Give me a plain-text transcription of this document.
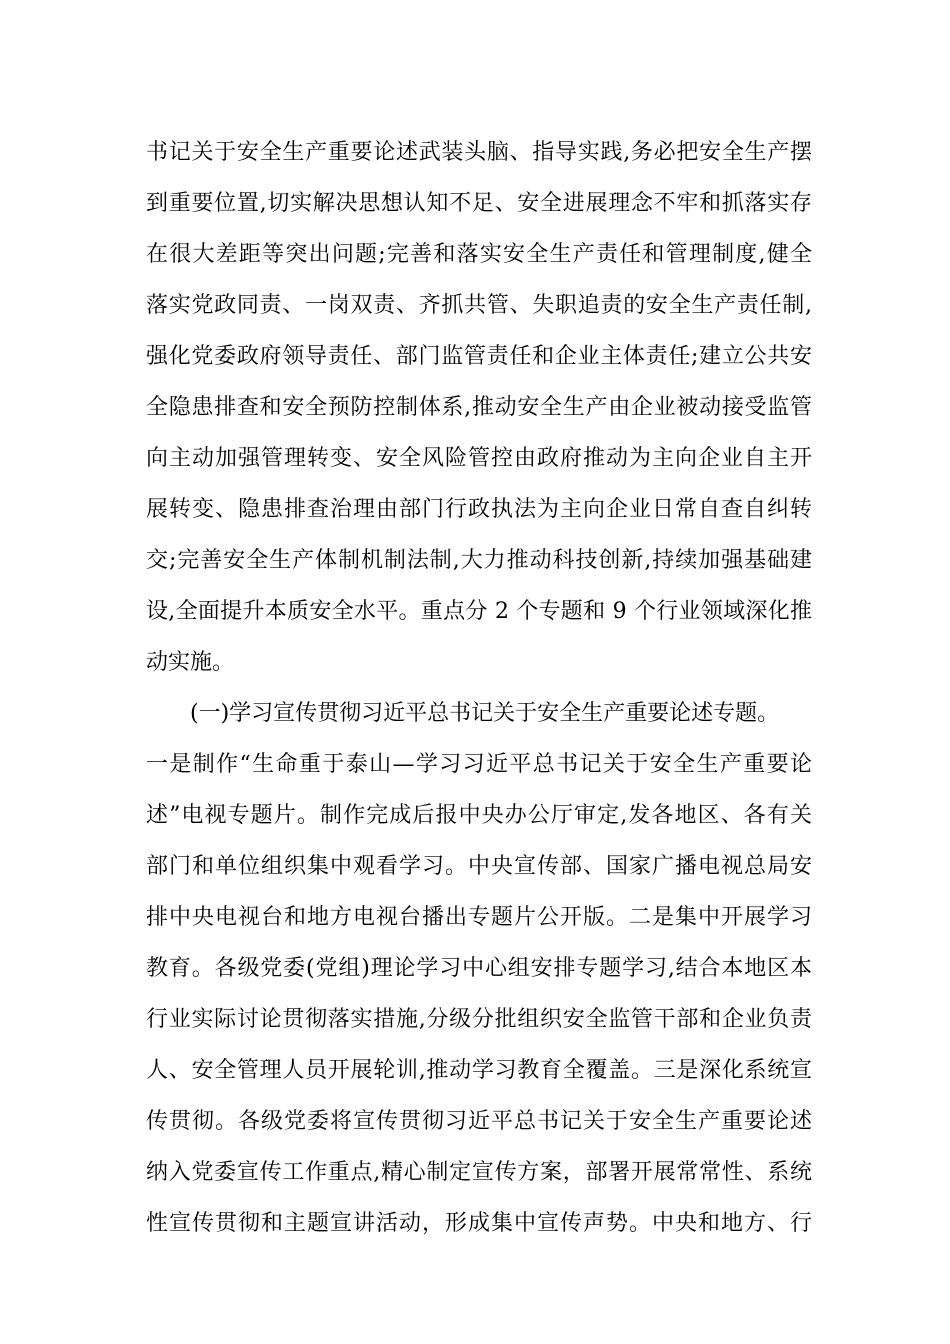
书记关于安全生产重要论述武装头脑、指导实践,务必把安全生产摆
到重要位置,切实解决思想认知不足、安全进展理念不牢和抓落实存
在很大差距等突出问题;完善和落实安全生产责任和管理制度,健全
落实党政同责、一岗双责、齐抓共管、失职追责的安全生产责任制,
强化党委政府领导责任、部门监管责任和企业主体责任;建立公共安
全隐患排查和安全预防控制体系,推动安全生产由企业被动接受监管
向主动加强管理转变、安全风险管控由政府推动为主向企业自主开
展转变、隐患排查治理由部门行政执法为主向企业日常自查自纠转
交;完善安全生产体制机制法制,大力推动科技创新,持续加强基础建
设,全面提升本质安全水平。重点分 2 个专题和 9 个行业领域深化推
动实施。
(一)学习宣传贯彻习近平总书记关于安全生产重要论述专题。
一是制作“生命重于泰山—学习习近平总书记关于安全生产重要论
述”电视专题片。制作完成后报中央办公厅审定,发各地区、各有关
部门和单位组织集中观看学习。中央宣传部、国家广播电视总局安
排中央电视台和地方电视台播出专题片公开版。二是集中开展学习
教育。各级党委(党组)理论学习中心组安排专题学习,结合本地区本
行业实际讨论贯彻落实措施,分级分批组织安全监管干部和企业负责
人、安全管理人员开展轮训,推动学习教育全覆盖。三是深化系统宣
传贯彻。各级党委将宣传贯彻习近平总书记关于安全生产重要论述
纳入党委宣传工作重点,精心制定宣传方案，部署开展常常性、系统
性宣传贯彻和主题宣讲活动，形成集中宣传声势。中央和地方、行
